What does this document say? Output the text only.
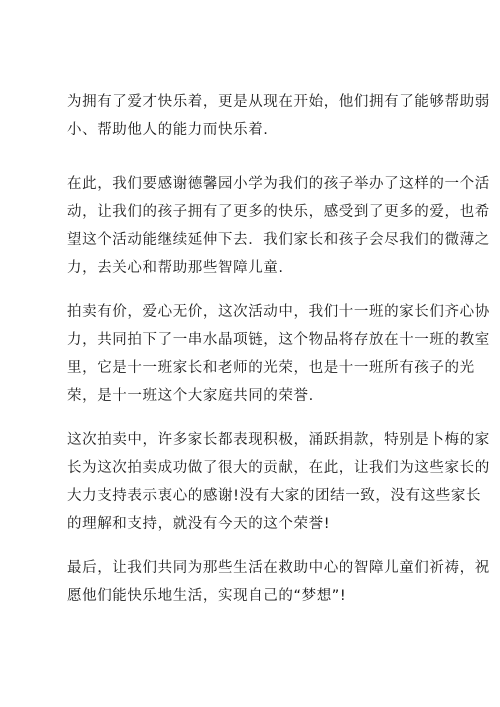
为拥有了爱才快乐着，更是从现在开始，他们拥有了能够帮助弱
小、帮助他人的能力而快乐着.

在此，我们要感谢德馨园小学为我们的孩子举办了这样的一个活
动，让我们的孩子拥有了更多的快乐，感受到了更多的爱，也希
望这个活动能继续延伸下去．我们家长和孩子会尽我们的微薄之
力，去关心和帮助那些智障儿童.

拍卖有价，爱心无价，这次活动中，我们十一班的家长们齐心协
力，共同拍下了一串水晶项链，这个物品将存放在十一班的教室
里，它是十一班家长和老师的光荣，也是十一班所有孩子的光
荣，是十一班这个大家庭共同的荣誉.

这次拍卖中，许多家长都表现积极，涌跃捐款，特别是卜梅的家
长为这次拍卖成功做了很大的贡献，在此，让我们为这些家长的
大力支持表示衷心的感谢!没有大家的团结一致，没有这些家长
的理解和支持，就没有今天的这个荣誉!

最后，让我们共同为那些生活在救助中心的智障儿童们祈祷，祝
愿他们能快乐地生活，实现自己的“梦想”!
